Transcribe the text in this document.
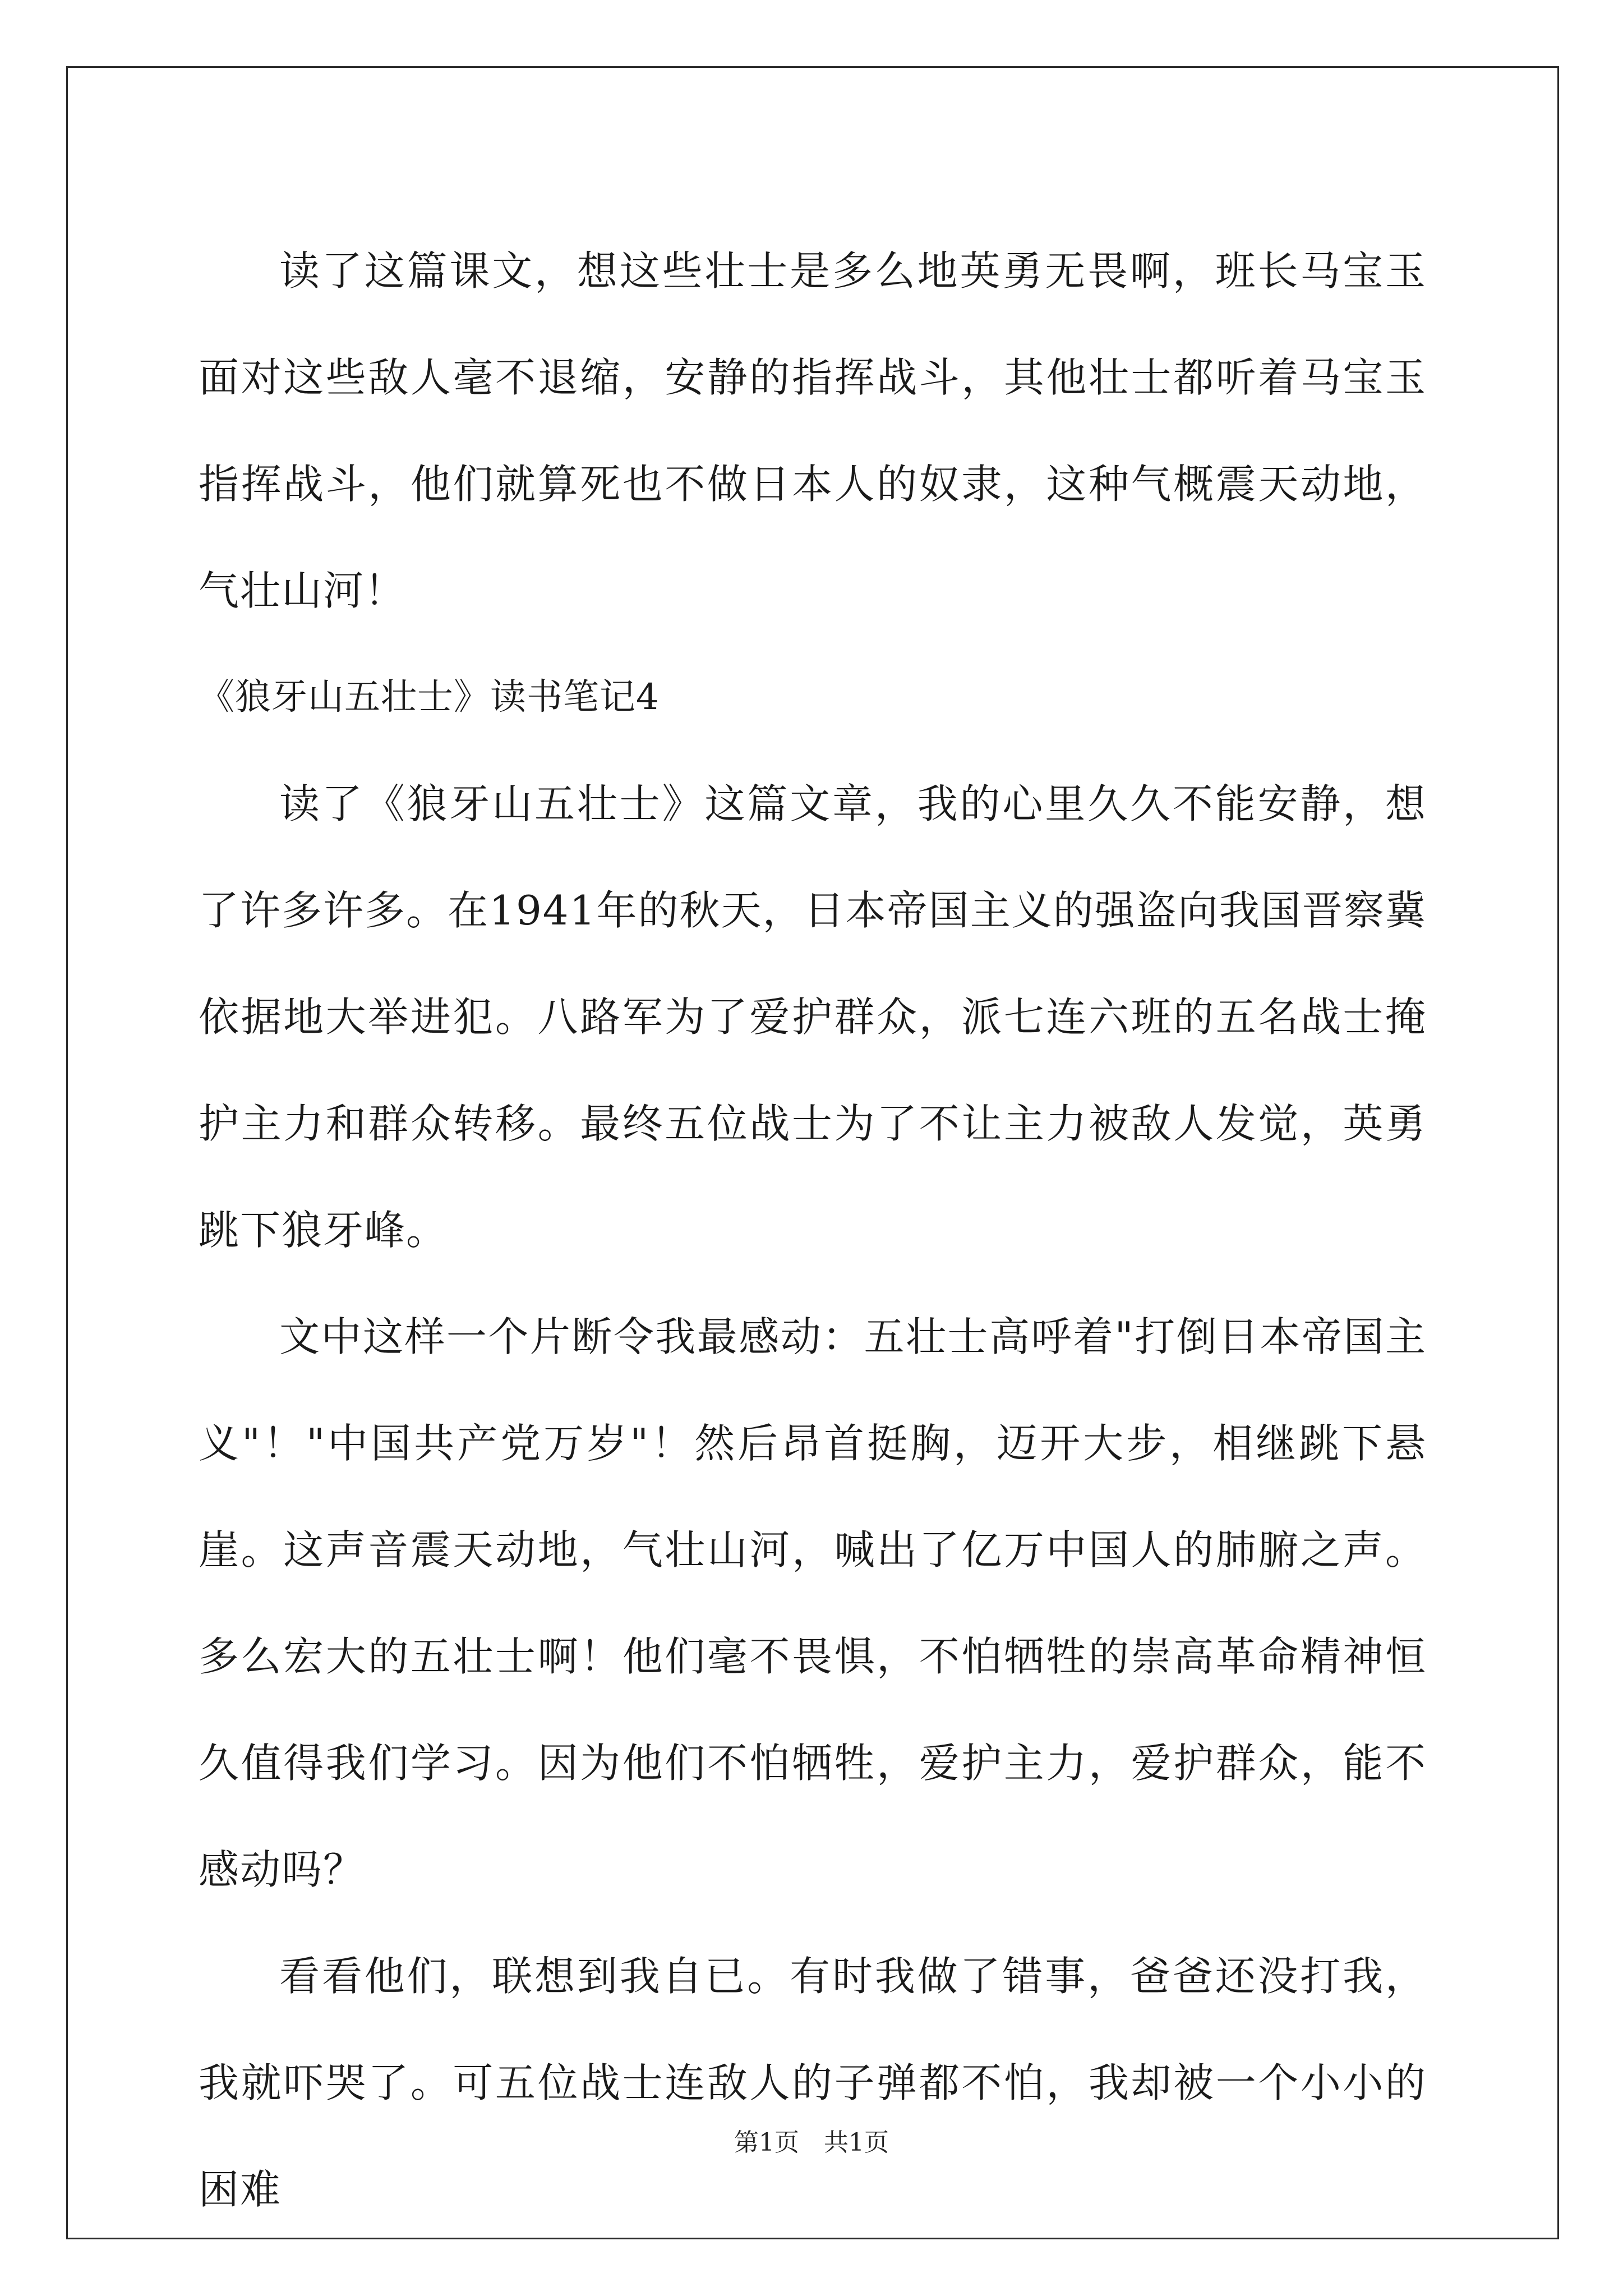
读了这篇课文，想这些壮士是多么地英勇无畏啊，班长马宝玉面对这些敌人毫不退缩，安静的指挥战斗，其他壮士都听着马宝玉指挥战斗，他们就算死也不做日本人的奴隶，这种气概震天动地，气壮山河！

《狼牙山五壮士》读书笔记4

读了《狼牙山五壮士》这篇文章，我的心里久久不能安静，想了许多许多。在1941年的秋天，日本帝国主义的强盗向我国晋察冀依据地大举进犯。八路军为了爱护群众，派七连六班的五名战士掩护主力和群众转移。最终五位战士为了不让主力被敌人发觉，英勇跳下狼牙峰。

文中这样一个片断令我最感动：五壮士高呼着"打倒日本帝国主义"！"中国共产党万岁"！然后昂首挺胸，迈开大步，相继跳下悬崖。这声音震天动地，气壮山河，喊出了亿万中国人的肺腑之声。多么宏大的五壮士啊！他们毫不畏惧，不怕牺牲的崇高革命精神恒久值得我们学习。因为他们不怕牺牲，爱护主力，爱护群众，能不感动吗？

看看他们，联想到我自已。有时我做了错事，爸爸还没打我，我就吓哭了。可五位战士连敌人的子弹都不怕，我却被一个小小的困难

第1页　共1页
